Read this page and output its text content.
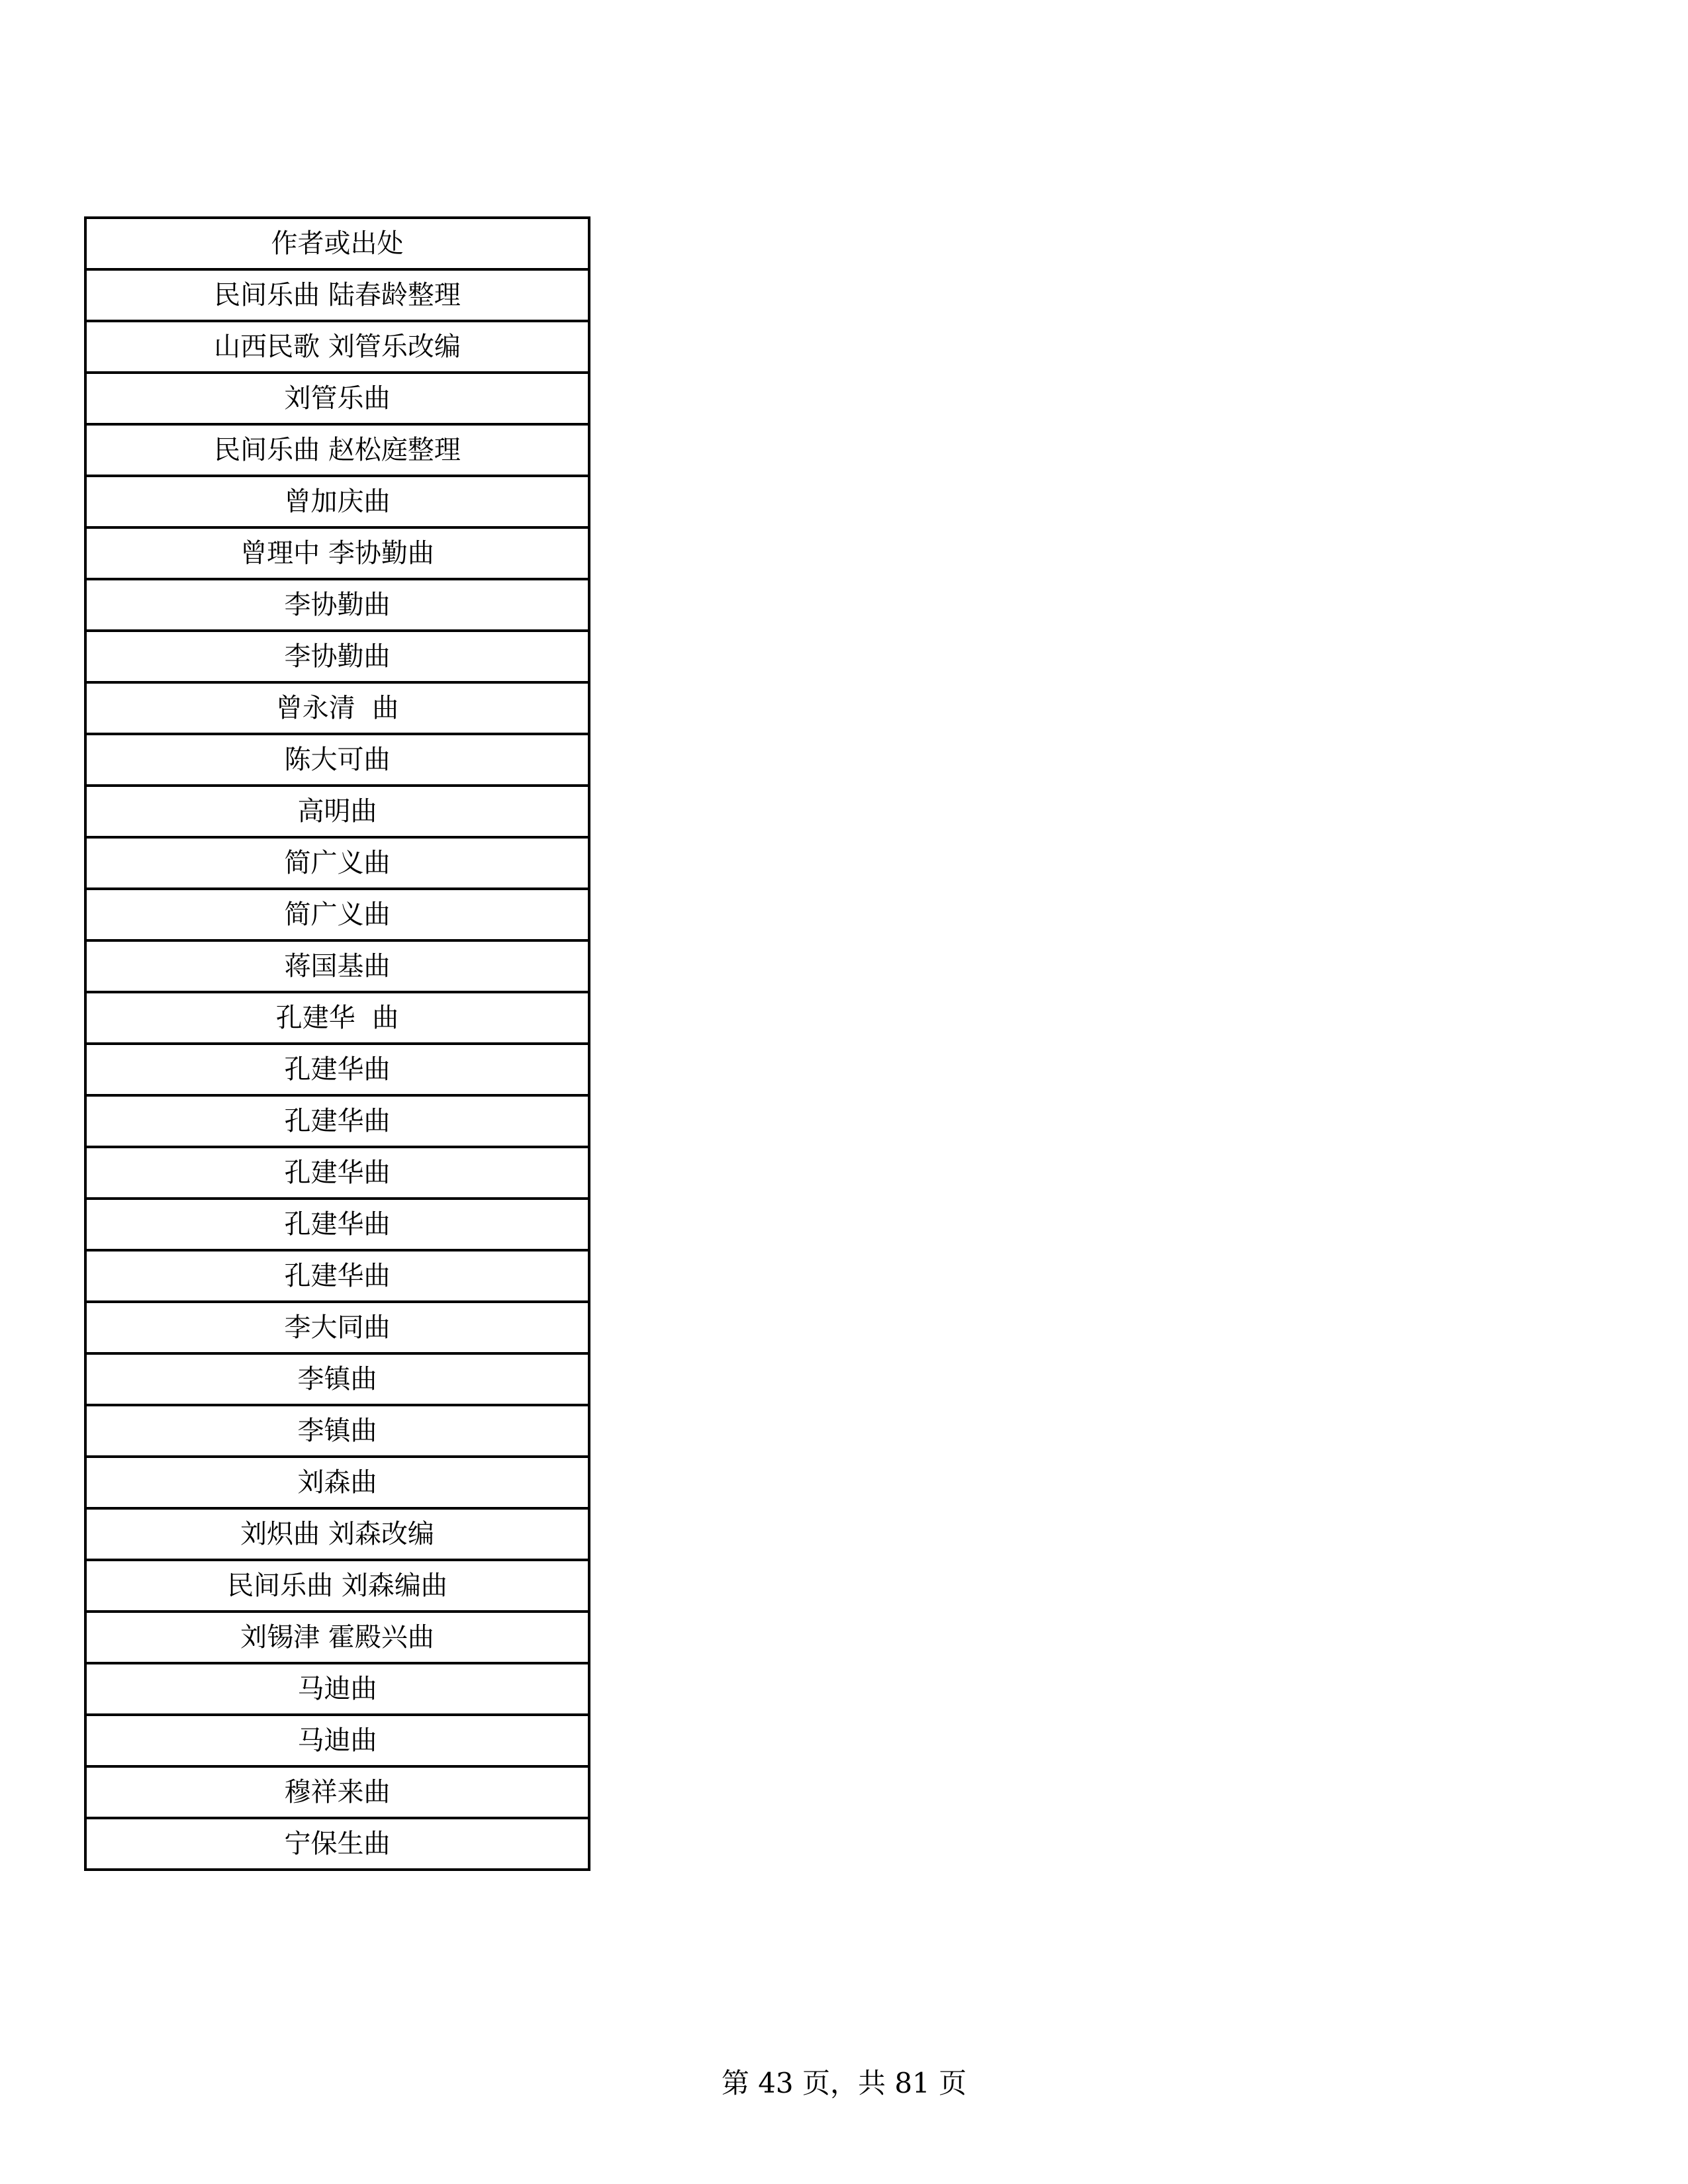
作者或出处
民间乐曲 陆春龄整理
山西民歌 刘管乐改编
刘管乐曲
民间乐曲 赵松庭整理
曾加庆曲
曾理中 李协勤曲
李协勤曲
李协勤曲
曾永清  曲
陈大可曲
高明曲
简广义曲
简广义曲
蒋国基曲
孔建华  曲
孔建华曲
孔建华曲
孔建华曲
孔建华曲
孔建华曲
李大同曲
李镇曲
李镇曲
刘森曲
刘炽曲 刘森改编
民间乐曲 刘森编曲
刘锡津 霍殿兴曲
马迪曲
马迪曲
穆祥来曲
宁保生曲
第 43 页，共 81 页
